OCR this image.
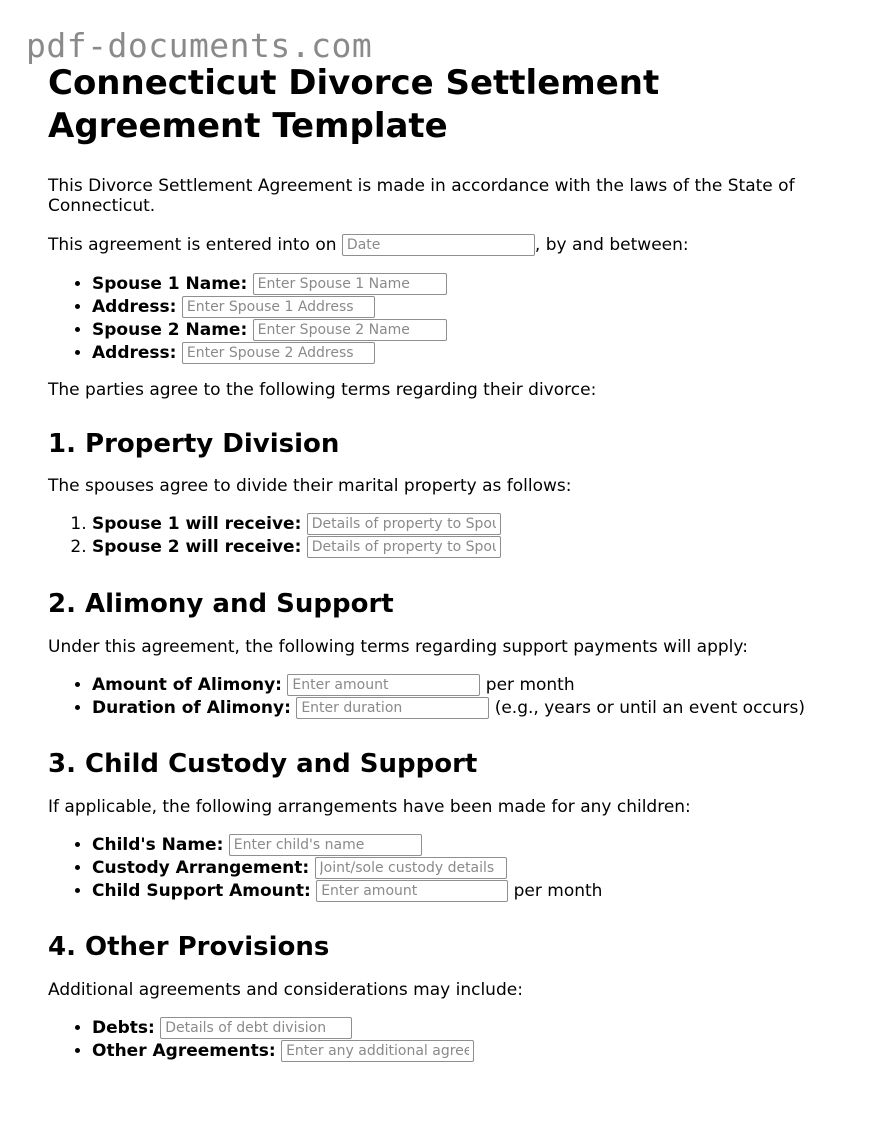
pdf-documents.com
Connecticut Divorce Settlement Agreement Template

This Divorce Settlement Agreement is made in accordance with the laws of the State of Connecticut.

This agreement is entered into on Date	, by and between:

• Spouse 1 Name: Enter Spouse 1 Name
• Address: Enter Spouse 1 Address
• Spouse 2 Name: Enter Spouse 2 Name
• Address: Enter Spouse 2 Address

The parties agree to the following terms regarding their divorce:

1. Property Division

The spouses agree to divide their marital property as follows:

1. Spouse 1 will receive: Details of property to Spouse 1
2. Spouse 2 will receive: Details of property to Spouse 2
2. Alimony and Support

Under this agreement, the following terms regarding support payments will apply:

• Amount of Alimony: Enter amount	per month
• Duration of Alimony: Enter duration	(e.g., years or until an event occurs)
3. Child Custody and Support

If applicable, the following arrangements have been made for any children:

• Child's Name: Enter child's name
• Custody Arrangement: Joint/sole custody details
• Child Support Amount: Enter amount	per month
4. Other Provisions

Additional agreements and considerations may include:

• Debts: Details of debt division
• Other Agreements: Enter any additional agreements
